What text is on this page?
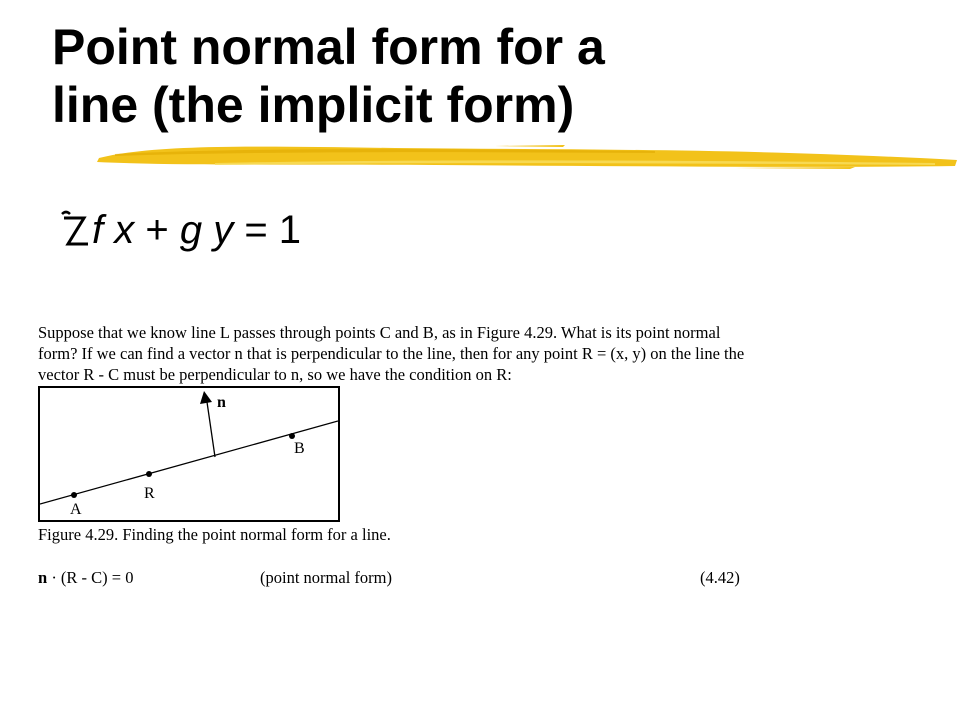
Point normal form for a
line (the implicit form)
f x + g y = 1
Suppose that we know line L passes through points C and B, as in Figure 4.29. What is its point normal
form? If we can find a vector n that is perpendicular to the line, then for any point R = (x, y) on the line the
vector R - C must be perpendicular to n, so we have the condition on R:
n
A
R
B
Figure 4.29. Finding the point normal form for a line.
n · (R - C) = 0	(point normal form)	(4.42)
